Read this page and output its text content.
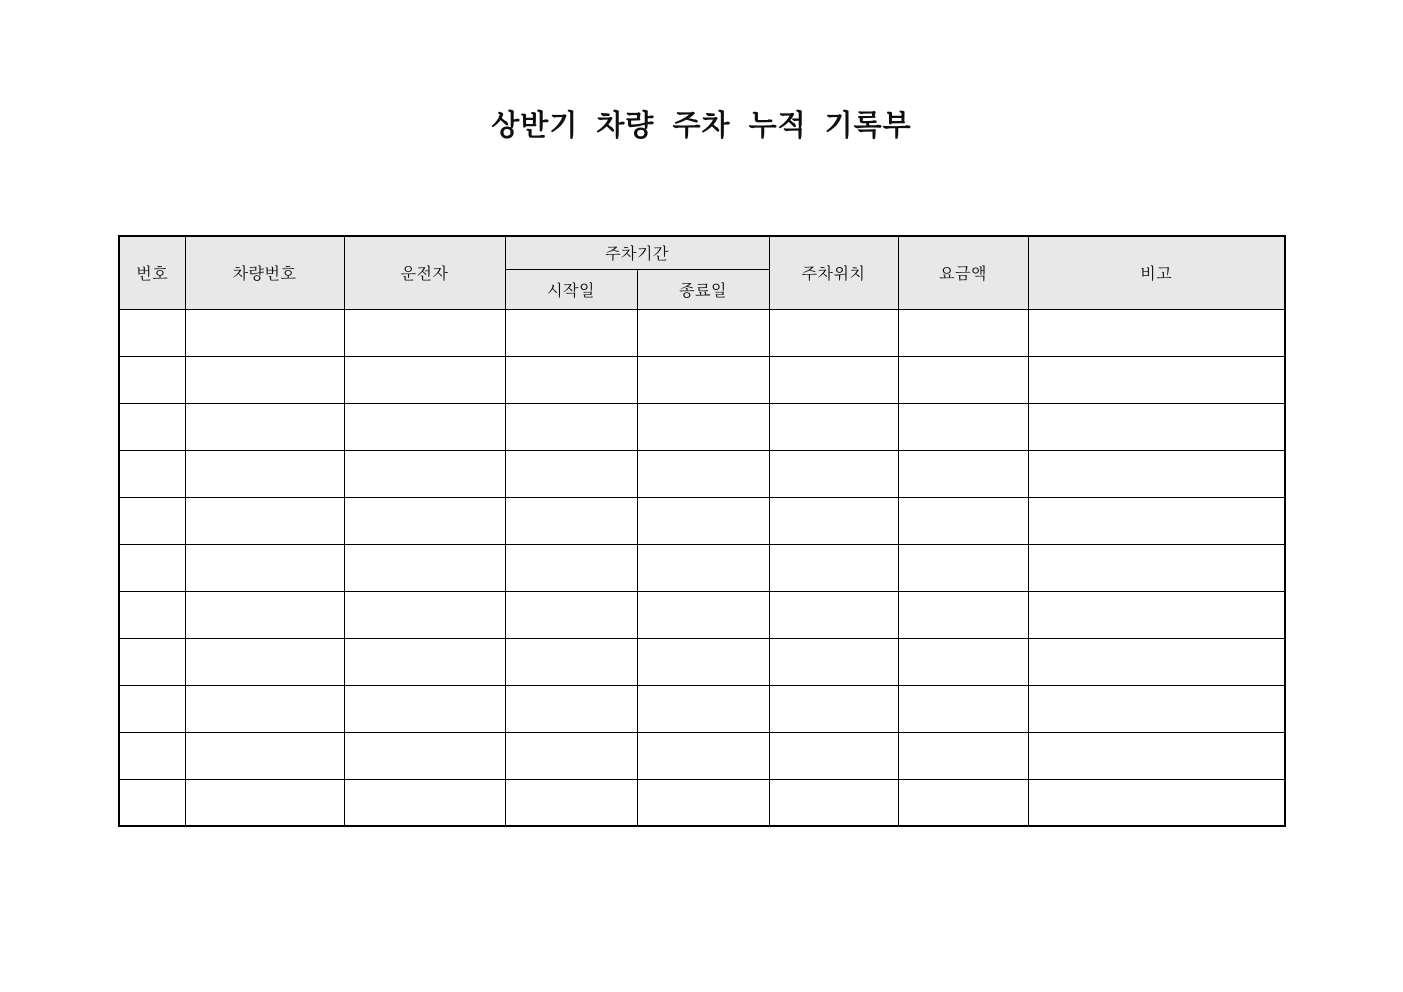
상반기 차량 주차 누적 기록부
번호	차량번호	운전자	주차기간		주차위치	요금액	비고
			시작일	종료일			
